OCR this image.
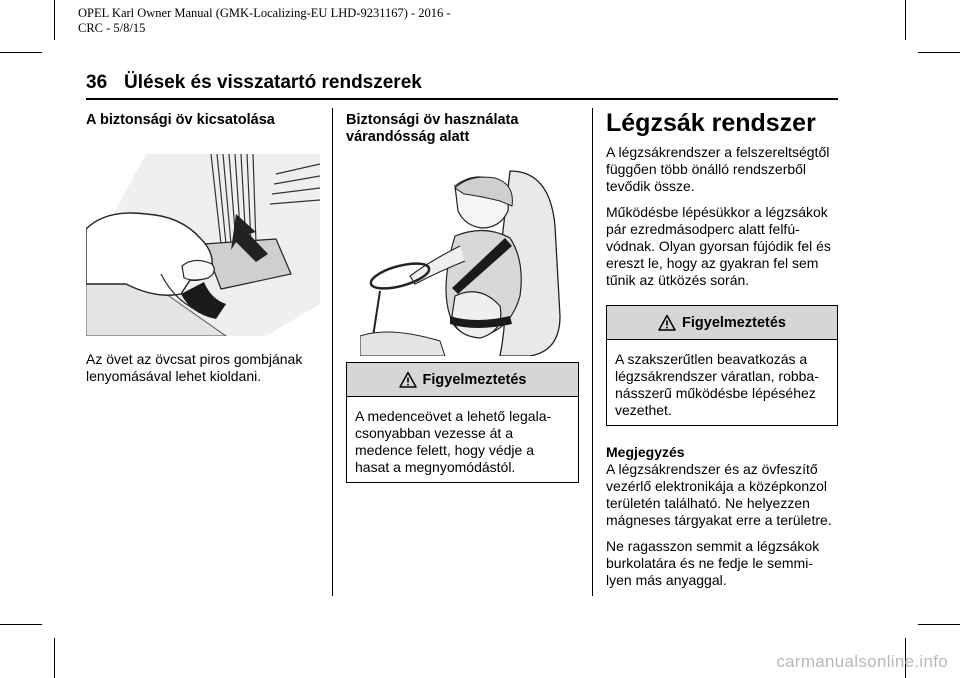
OPEL Karl Owner Manual (GMK-Localizing-EU LHD-9231167) - 2016 -
CRC - 5/8/15
36 Ülések és visszatartó rendszerek
A biztonsági öv kicsatolása

Az övet az övcsat piros gombjának
lenyomásával lehet kioldani.

Biztonsági öv használata
várandósság alatt
Figyelmeztetés

A medenceövet a lehető legala-
csonyabban vezesse át a
medence felett, hogy védje a
hasat a megnyomódástól.

Légzsák rendszer

A légzsákrendszer a felszereltségtől
függően több önálló rendszerből
tevődik össze.

Működésbe lépésükkor a légzsákok
pár ezredmásodperc alatt felfú-
vódnak. Olyan gyorsan fújódik fel és
ereszt le, hogy az gyakran fel sem
tűnik az ütközés során.

Figyelmeztetés

A szakszerűtlen beavatkozás a
légzsákrendszer váratlan, robba-
násszerű működésbe lépéséhez
vezethet.

Megjegyzés

A légzsákrendszer és az övfeszítő
vezérlő elektronikája a középkonzol
területén található. Ne helyezzen
mágneses tárgyakat erre a területre.

Ne ragasszon semmit a légzsákok
burkolatára és ne fedje le semmi-
lyen más anyaggal.

carmanualsonline.info
